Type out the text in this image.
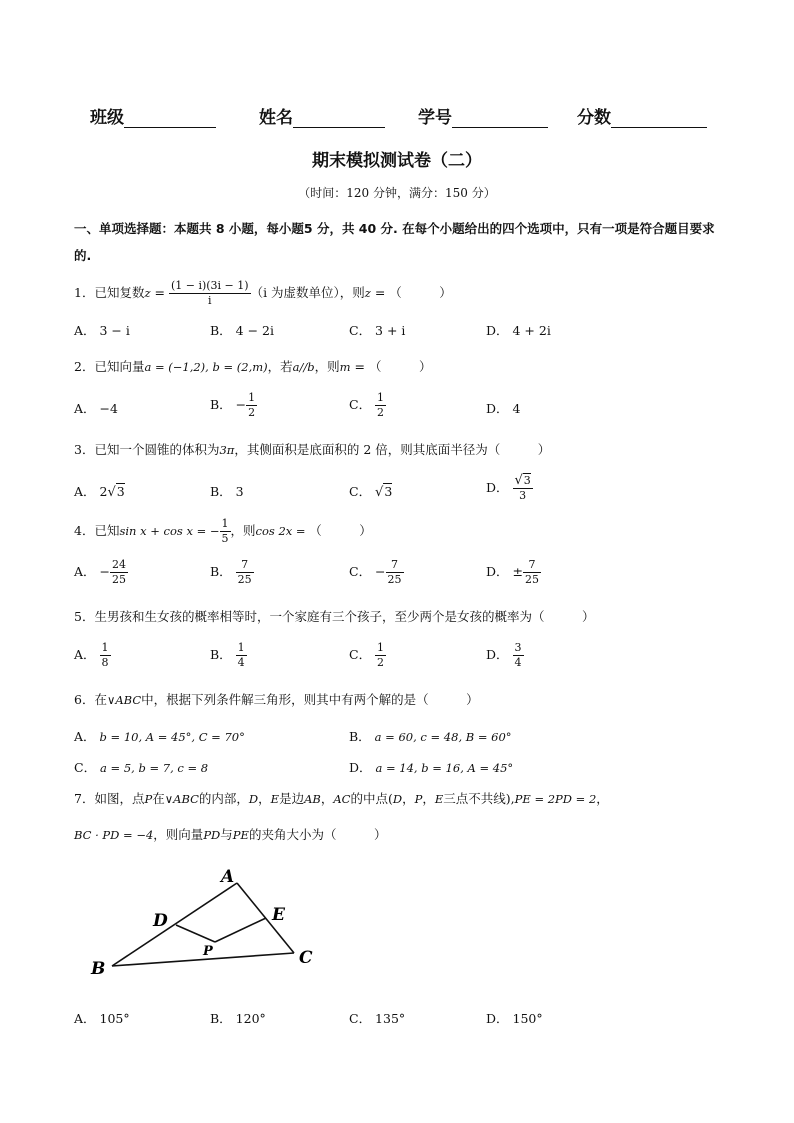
班级	姓名	学号	分数
期末模拟测试卷（二）
（时间：120 分钟，满分：150 分）
一、单项选择题：本题共 8 小题，每小题5 分，共 40 分. 在每个小题给出的四个选项中，只有一项是符合题目要求的.
1．已知复数$z = \frac{(1 - i)(3i - 1)}{i} (i$ 为虚数单位），则z = （　　　）
A． 3 − i	B． 4 − 2i	C． 3 + i	D． 4 + 2i
2．已知向量a = (−1,2), b = (2,m)，若a//b，则m = （　　　）
A． −4	B． − $\frac{1}{2}$	C． $\frac{1}{2}$	D． 4
3．已知一个圆锥的体积为3π，其侧面积是底面积的 2 倍，则其底面半径为（　　　）
A． 2√3	B． 3	C． √3	D． $\frac{√3}{3}$
4．已知sin x + cos x = − $\frac{1}{5}$ ，则cos 2x = （　　　）
A． − $\frac{24}{25}$	B． $\frac{7}{25}$	C． − $\frac{7}{25}$	D． ± $\frac{7}{25}$
5．生男孩和生女孩的概率相等时，一个家庭有三个孩子，至少两个是女孩的概率为（　　　）
A． $\frac{1}{8}$	B． $\frac{1}{4}$	C． $\frac{1}{2}$	D． $\frac{3}{4}$
6．在∨ABC中，根据下列条件解三角形，则其中有两个解的是（　　　）
A． b = 10, A = 45°, C = 70°	B． a = 60, c = 48, B = 60°
C． a = 5, b = 7, c = 8	D． a = 14, b = 16, A = 45°
7．如图，点P在∨ABC的内部，D，E是边AB，AC的中点(D，P，E三点不共线),PE = 2PD = 2，
BC · PD = −4，则向量PD与PE的夹角大小为（　　　）
A
B
C
D	E
P
A． 105°	B． 120°	C． 135°	D． 150°
